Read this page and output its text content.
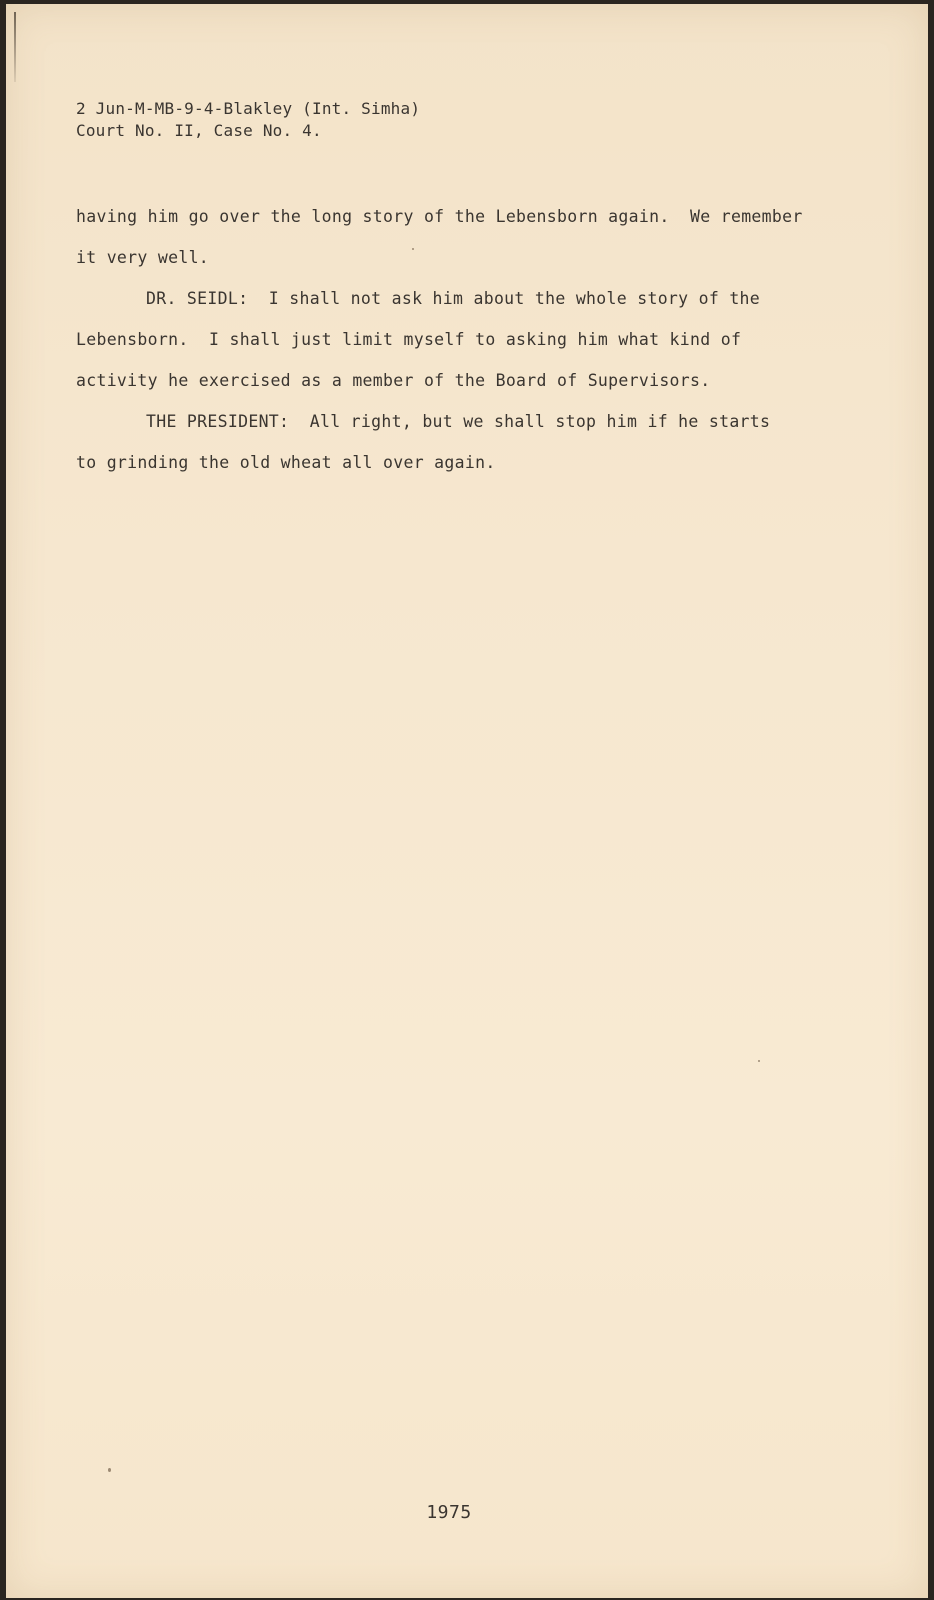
2 Jun-M-MB-9-4-Blakley (Int. Simha)
Court No. II, Case No. 4.

having him go over the long story of the Lebensborn again.  We remember

it very well.

DR. SEIDL:  I shall not ask him about the whole story of the

Lebensborn.  I shall just limit myself to asking him what kind of

activity he exercised as a member of the Board of Supervisors.

THE PRESIDENT:  All right, but we shall stop him if he starts

to grinding the old wheat all over again.

1975
